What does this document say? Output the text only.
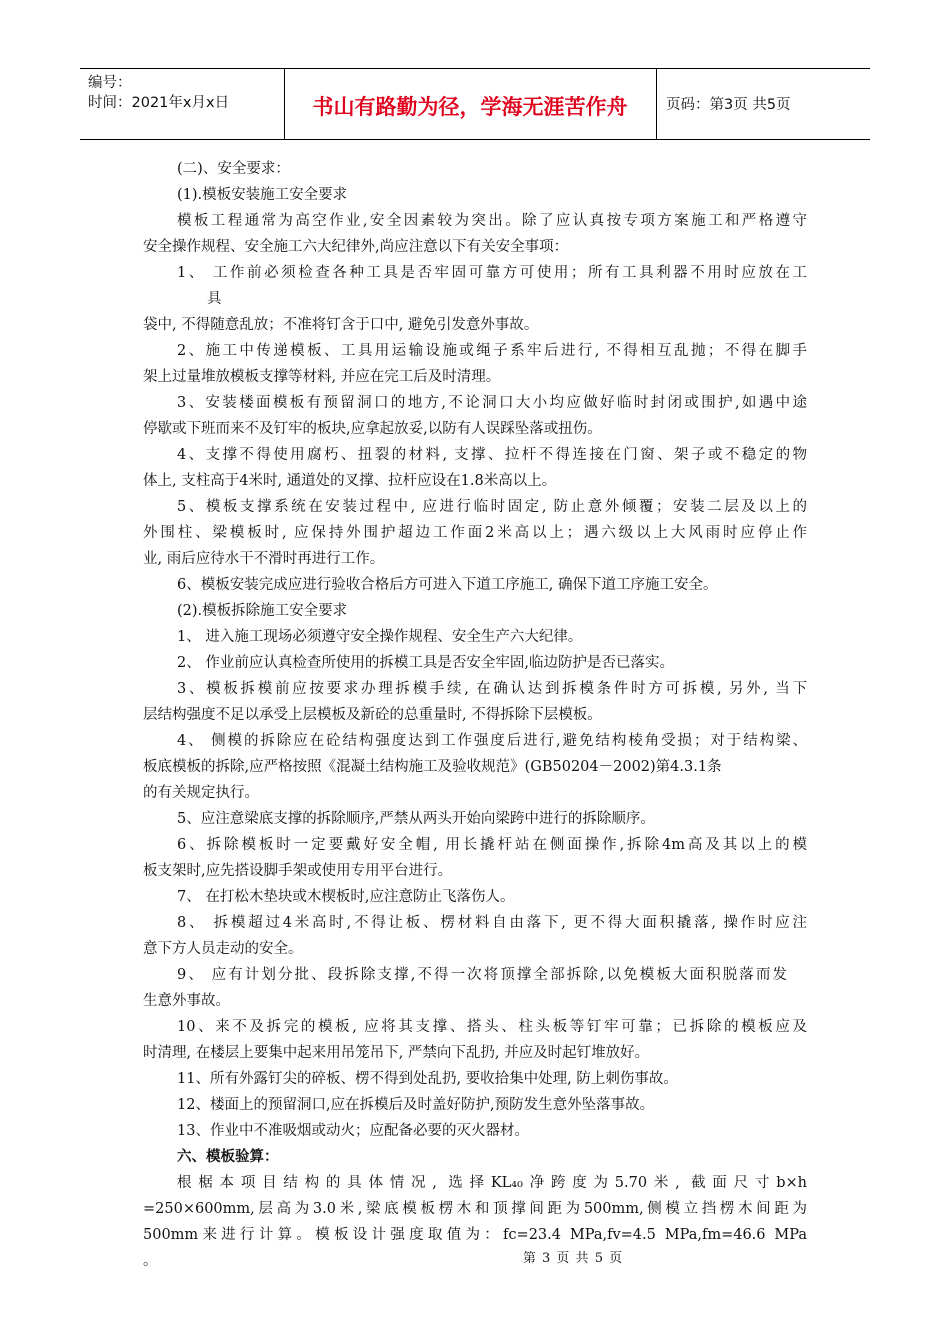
编号：
时间：2021年x月x日	书山有路勤为径，学海无涯苦作舟	页码：第3页 共5页
(二)、安全要求：
(1).模板安装施工安全要求
模板工程通常为高空作业,安全因素较为突出。除了应认真按专项方案施工和严格遵守
安全操作规程、安全施工六大纪律外,尚应注意以下有关安全事项：
1、 工作前必须检查各种工具是否牢固可靠方可使用；所有工具利器不用时应放在工
具
袋中, 不得随意乱放；不准将钉含于口中, 避免引发意外事故。
2、施工中传递模板、工具用运输设施或绳子系牢后进行, 不得相互乱抛；不得在脚手
架上过量堆放模板支撑等材料, 并应在完工后及时清理。
3、安装楼面模板有预留洞口的地方,不论洞口大小均应做好临时封闭或围护,如遇中途
停歇或下班而来不及钉牢的板块,应拿起放妥,以防有人误踩坠落或扭伤。
4、支撑不得使用腐朽、扭裂的材料, 支撑、拉杆不得连接在门窗、架子或不稳定的物
体上, 支柱高于4米时, 通道处的叉撑、拉杆应设在1.8米高以上。
5、模板支撑系统在安装过程中, 应进行临时固定, 防止意外倾覆；安装二层及以上的
外围柱、梁模板时, 应保持外围护超边工作面2米高以上；遇六级以上大风雨时应停止作
业, 雨后应待水干不滑时再进行工作。
6、模板安装完成应进行验收合格后方可进入下道工序施工, 确保下道工序施工安全。
(2).模板拆除施工安全要求
1、 进入施工现场必须遵守安全操作规程、安全生产六大纪律。
2、 作业前应认真检查所使用的拆模工具是否安全牢固,临边防护是否已落实。
3、模板拆模前应按要求办理拆模手续, 在确认达到拆模条件时方可拆模, 另外, 当下
层结构强度不足以承受上层模板及新砼的总重量时, 不得拆除下层模板。
4、 侧模的拆除应在砼结构强度达到工作强度后进行,避免结构棱角受损；对于结构梁、
板底模板的拆除,应严格按照《混凝土结构施工及验收规范》(GB50204－2002)第4.3.1条
的有关规定执行。
5、应注意梁底支撑的拆除顺序,严禁从两头开始向梁跨中进行的拆除顺序。
6、拆除模板时一定要戴好安全帽, 用长撬杆站在侧面操作,拆除4m高及其以上的模
板支架时,应先搭设脚手架或使用专用平台进行。
7、 在打松木垫块或木楔板时,应注意防止飞落伤人。
8、 拆模超过4米高时,不得让板、楞材料自由落下, 更不得大面积撬落, 操作时应注
意下方人员走动的安全。
9、 应有计划分批、段拆除支撑,不得一次将顶撑全部拆除,以免模板大面积脱落而发
生意外事故。
10、来不及拆完的模板, 应将其支撑、搭头、柱头板等钉牢可靠；已拆除的模板应及
时清理, 在楼层上要集中起来用吊笼吊下, 严禁向下乱扔, 并应及时起钉堆放好。
11、所有外露钉尖的碎板、楞不得到处乱扔, 要收拾集中处理, 防上刺伤事故。
12、楼面上的预留洞口,应在拆模后及时盖好防护,预防发生意外坠落事故。
13、作业中不准吸烟或动火；应配备必要的灭火器材。
六、模板验算：
根椐本项目结构的具体情况, 选择KL₄₀净跨度为5.70米, 截面尺寸b×h
=250×600mm,层高为3.0米,梁底模板楞木和顶撑间距为500mm,侧模立挡楞木间距为
500mm来进行计算。模板设计强度取值为：fc=23.4 MPa,fv=4.5 MPa,fm=46.6 MPa
。	第 3 页 共 5 页
